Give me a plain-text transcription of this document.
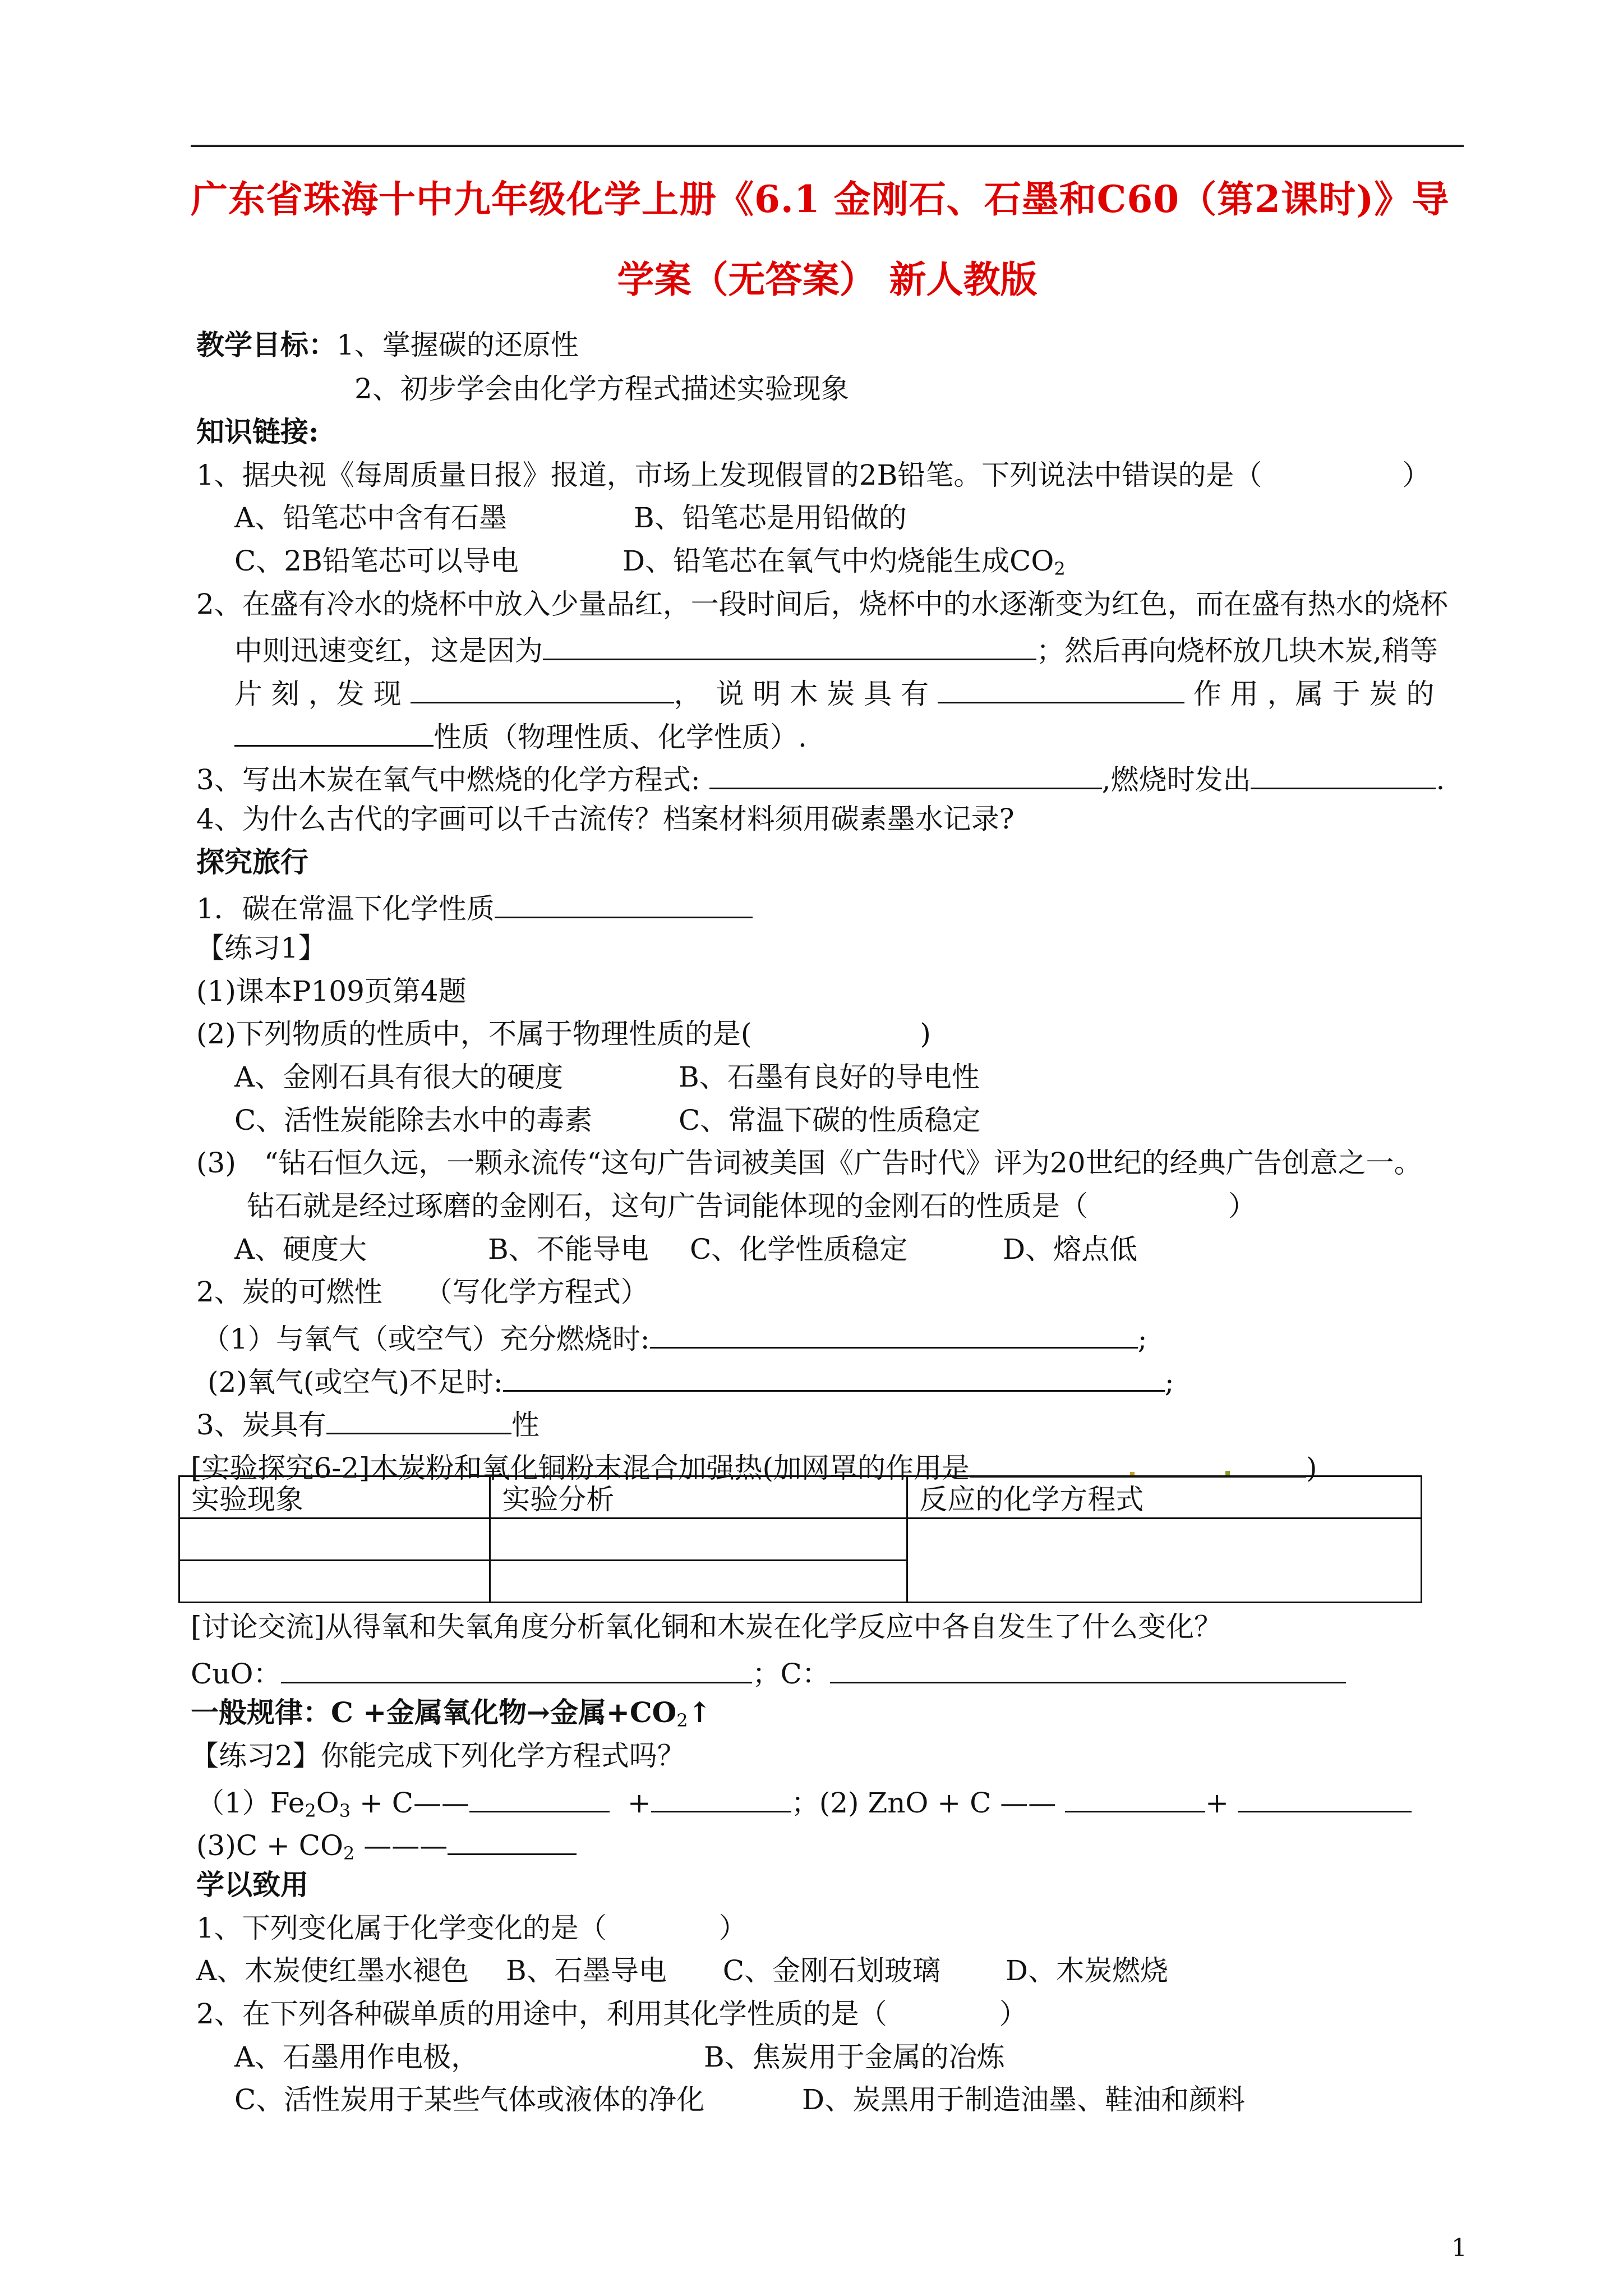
广东省珠海十中九年级化学上册《6.1 金刚石、石墨和C60（第2课时)》导
学案（无答案） 新人教版
教学目标：1、掌握碳的还原性
2、初步学会由化学方程式描述实验现象
知识链接:
1、据央视《每周质量日报》报道，市场上发现假冒的2B铅笔。下列说法中错误的是（　　　　　）
A、铅笔芯中含有石墨	B、铅笔芯是用铅做的
C、2B铅笔芯可以导电	D、铅笔芯在氧气中灼烧能生成$CO_2$
2、在盛有冷水的烧杯中放入少量品红，一段时间后，烧杯中的水逐渐变为红色，而在盛有热水的烧杯
中则迅速变红，这是因为	；然后再向烧杯放几块木炭,稍等
片 刻 ，发 现	，　说 明 木 炭 具 有	作 用 ，属 于 炭 的
性质（物理性质、化学性质）.
3、写出木炭在氧气中燃烧的化学方程式:	,燃烧时发出	.
4、为什么古代的字画可以千古流传？档案材料须用碳素墨水记录?
探究旅行
1．碳在常温下化学性质
【练习1】
(1)课本P109页第4题
(2)下列物质的性质中，不属于物理性质的是(　　　　　　)
A、金刚石具有很大的硬度	B、石墨有良好的导电性
C、活性炭能除去水中的毒素	C、常温下碳的性质稳定
(3)　“钻石恒久远，一颗永流传“这句广告词被美国《广告时代》评为20世纪的经典广告创意之一。
钻石就是经过琢磨的金刚石，这句广告词能体现的金刚石的性质是（　　　　　）
A、硬度大	B、不能导电 C、化学性质稳定	D、熔点低
2、炭的可燃性　　（写化学方程式）
（1）与氧气（或空气）充分燃烧时:	;
(2)氧气(或空气)不足时:	;
3、炭具有	性
[实验探究6-2]木炭粉和氧化铜粉末混合加强热(加网罩的作用是	)
实验现象	实验分析	反应的化学方程式

[讨论交流]从得氧和失氧角度分析氧化铜和木炭在化学反应中各自发生了什么变化？
CuO：	；C：
一般规律：C +金属氧化物→金属$+CO_2↑$
【练习2】你能完成下列化学方程式吗？
$(1)Fe_2O_3$ + C——	+	；(2) ZnO + C ——	+
$(3)C + CO_2$ ———
学以致用
1、下列变化属于化学变化的是（　　　　）
A、木炭使红墨水褪色　 B、石墨导电　　C、金刚石划玻璃　　 D、木炭燃烧
2、在下列各种碳单质的用途中，利用其化学性质的是（　　　　）
A、石墨用作电极，	B、焦炭用于金属的冶炼
C、活性炭用于某些气体或液体的净化	D、炭黑用于制造油墨、鞋油和颜料
1
